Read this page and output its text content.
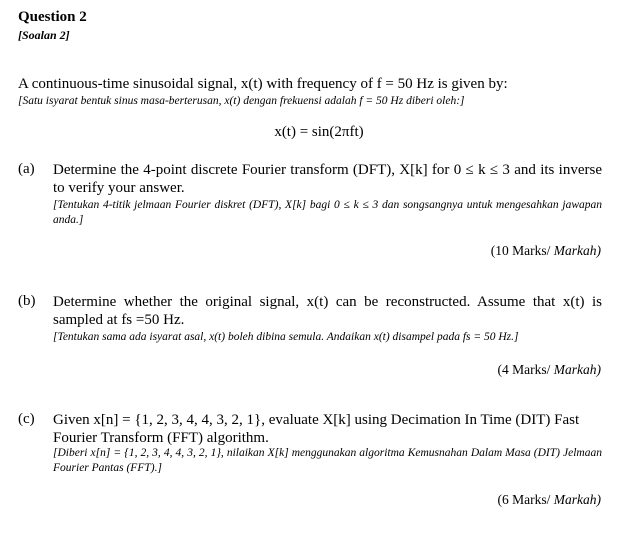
Question 2
[Soalan 2]
A continuous-time sinusoidal signal, x(t) with frequency of f = 50 Hz is given by:
[Satu isyarat bentuk sinus masa-berterusan, x(t) dengan frekuensi adalah f = 50 Hz diberi oleh:]
x(t) = sin(2πft)
(a) Determine the 4-point discrete Fourier transform (DFT), X[k] for 0 ≤ k ≤ 3 and its inverse to verify your answer.
[Tentukan 4-titik jelmaan Fourier diskret (DFT), X[k] bagi 0 ≤ k ≤ 3 dan songsangnya untuk mengesahkan jawapan anda.]
(10 Marks/ Markah)
(b) Determine whether the original signal, x(t) can be reconstructed. Assume that x(t) is sampled at fs =50 Hz.
[Tentukan sama ada isyarat asal, x(t) boleh dibina semula. Andaikan x(t) disampel pada fs = 50 Hz.]
(4 Marks/ Markah)
(c) Given x[n] = {1, 2, 3, 4, 4, 3, 2, 1}, evaluate X[k] using Decimation In Time (DIT) Fast Fourier Transform (FFT) algorithm.
[Diberi x[n] = {1, 2, 3, 4, 4, 3, 2, 1}, nilaikan X[k] menggunakan algoritma Kemusnahan Dalam Masa (DIT) Jelmaan Fourier Pantas (FFT).]
(6 Marks/ Markah)
